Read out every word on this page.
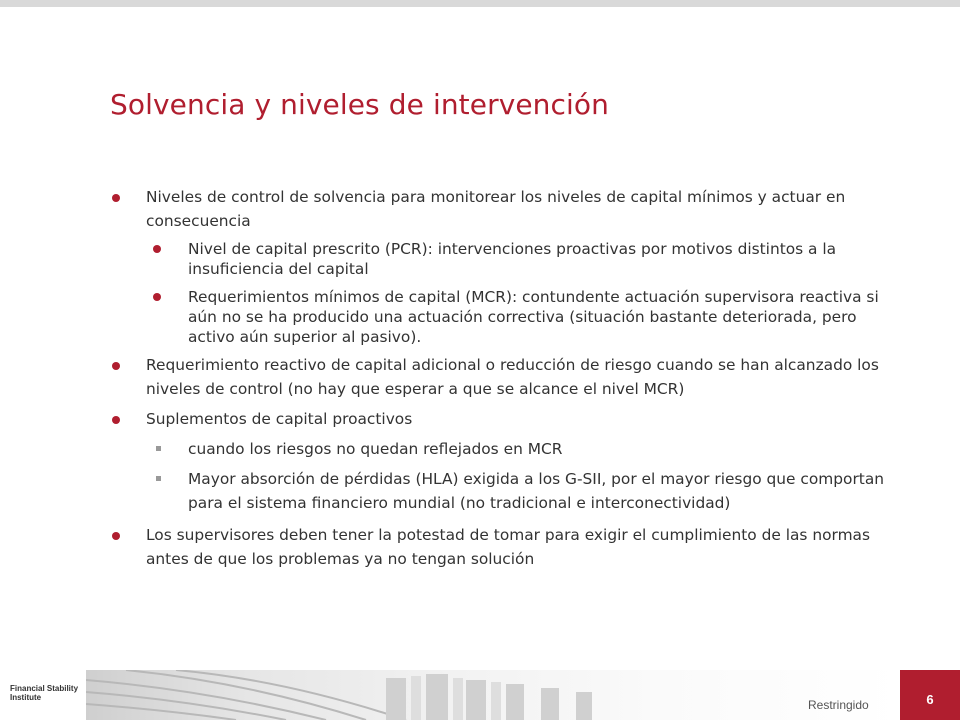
Solvencia y niveles de intervención
Niveles de control de solvencia para monitorear los niveles de capital mínimos y actuar en consecuencia
Nivel de capital prescrito (PCR): intervenciones proactivas por motivos distintos a la insuficiencia del capital
Requerimientos mínimos de capital (MCR): contundente actuación supervisora reactiva si aún no se ha producido una actuación correctiva (situación bastante deteriorada, pero activo aún superior al pasivo).
Requerimiento reactivo de capital adicional o reducción de riesgo cuando se han alcanzado los niveles de control (no hay que esperar a que se alcance el nivel MCR)
Suplementos de capital proactivos
cuando los riesgos no quedan reflejados en MCR
Mayor absorción de pérdidas (HLA) exigida a los G-SII, por el mayor riesgo que comportan para el sistema financiero mundial (no tradicional e interconectividad)
Los supervisores deben tener la potestad de tomar para exigir el cumplimiento de las normas antes de que los problemas ya no tengan solución
Financial Stability
Institute
Restringido	6
